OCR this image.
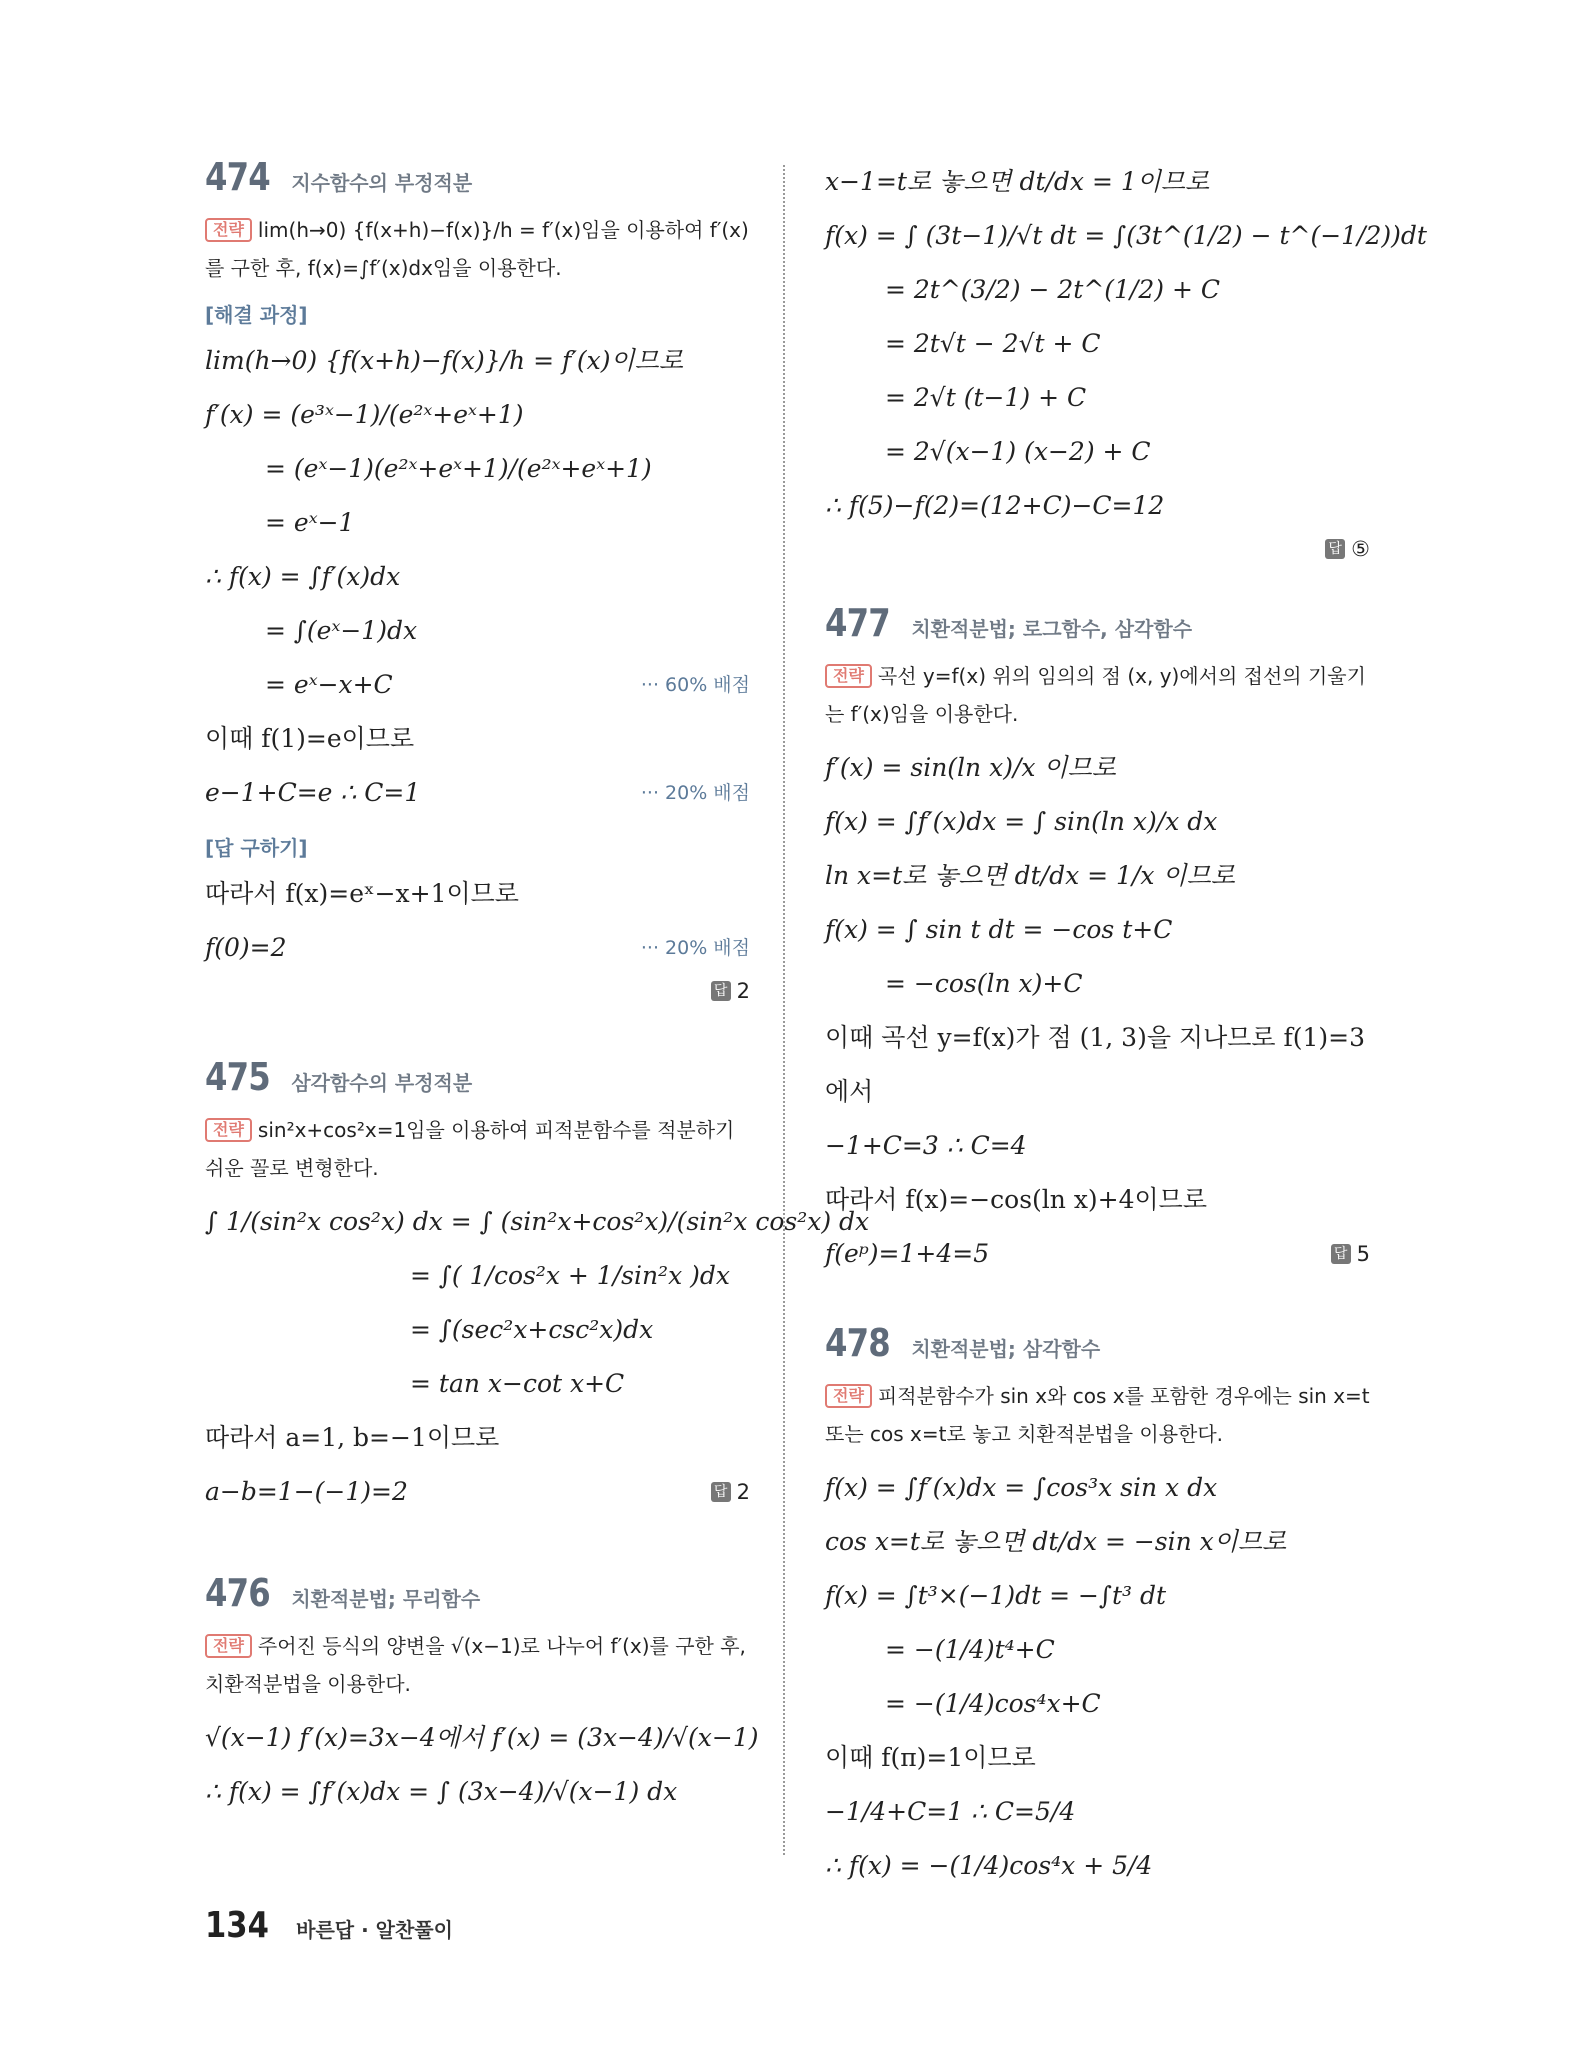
474 지수함수의 부정적분
전략 lim(h→0) {f(x+h)−f(x)}/h = f′(x)임을 이용하여 f′(x)를 구한 후, f(x)=∫f′(x)dx임을 이용한다.
[해결 과정]
lim(h→0) {f(x+h)−f(x)}/h = f′(x)이므로
f′(x) = (e³ˣ−1)/(e²ˣ+eˣ+1)
= (eˣ−1)(e²ˣ+eˣ+1)/(e²ˣ+eˣ+1)
= eˣ−1
∴ f(x) = ∫f′(x)dx
= ∫(eˣ−1)dx
= eˣ−x+C	··· 60% 배점
이때 f(1)=e이므로
e−1+C=e ∴ C=1	··· 20% 배점
[답 구하기]
따라서 f(x)=eˣ−x+1이므로
f(0)=2	··· 20% 배점
답 2
475 삼각함수의 부정적분
전략 sin²x+cos²x=1임을 이용하여 피적분함수를 적분하기 쉬운 꼴로 변형한다.
∫ 1/(sin²x cos²x) dx = ∫ (sin²x+cos²x)/(sin²x cos²x) dx
= ∫( 1/cos²x + 1/sin²x )dx
= ∫(sec²x+csc²x)dx
= tan x−cot x+C
따라서 a=1, b=−1이므로
a−b=1−(−1)=2	답 2
476 치환적분법; 무리함수
전략 주어진 등식의 양변을 √(x−1)로 나누어 f′(x)를 구한 후, 치환적분법을 이용한다.
√(x−1) f′(x)=3x−4에서 f′(x) = (3x−4)/√(x−1)
∴ f(x) = ∫f′(x)dx = ∫ (3x−4)/√(x−1) dx
x−1=t로 놓으면 dt/dx = 1이므로
f(x) = ∫ (3t−1)/√t dt = ∫(3t^(1/2) − t^(−1/2))dt
= 2t^(3/2) − 2t^(1/2) + C
= 2t√t − 2√t + C
= 2√t (t−1) + C
= 2√(x−1) (x−2) + C
∴ f(5)−f(2)=(12+C)−C=12
답 ⑤
477 치환적분법; 로그함수, 삼각함수
전략 곡선 y=f(x) 위의 임의의 점 (x, y)에서의 접선의 기울기는 f′(x)임을 이용한다.
f′(x) = sin(ln x)/x 이므로
f(x) = ∫f′(x)dx = ∫ sin(ln x)/x dx
ln x=t로 놓으면 dt/dx = 1/x 이므로
f(x) = ∫ sin t dt = −cos t+C
= −cos(ln x)+C
이때 곡선 y=f(x)가 점 (1, 3)을 지나므로 f(1)=3
에서
−1+C=3 ∴ C=4
따라서 f(x)=−cos(ln x)+4이므로
f(eᵖ)=1+4=5	답 5
478 치환적분법; 삼각함수
전략 피적분함수가 sin x와 cos x를 포함한 경우에는 sin x=t 또는 cos x=t로 놓고 치환적분법을 이용한다.
f(x) = ∫f′(x)dx = ∫cos³x sin x dx
cos x=t로 놓으면 dt/dx = −sin x이므로
f(x) = ∫t³×(−1)dt = −∫t³ dt
= −(1/4)t⁴+C
= −(1/4)cos⁴x+C
이때 f(π)=1이므로
−1/4+C=1 ∴ C=5/4
∴ f(x) = −(1/4)cos⁴x + 5/4
134 바른답 · 알찬풀이
